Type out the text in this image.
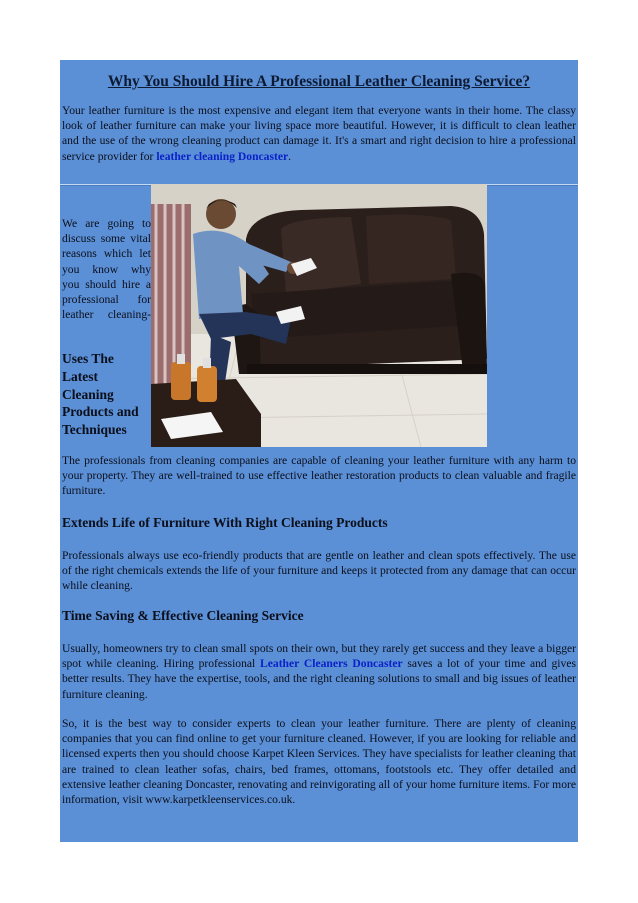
Why You Should Hire A Professional Leather Cleaning Service?

Your leather furniture is the most expensive and elegant item that everyone wants in their home. The classy look of leather furniture can make your living space more beautiful. However, it is difficult to clean leather and the use of the wrong cleaning product can damage it. It's a smart and right decision to hire a professional service provider for leather cleaning Doncaster.

We are going to discuss some vital reasons which let you know why you should hire a professional for leather cleaning-

Uses The Latest Cleaning Products and Techniques

The professionals from cleaning companies are capable of cleaning your leather furniture with any harm to your property. They are well-trained to use effective leather restoration products to clean valuable and fragile furniture.

Extends Life of Furniture With Right Cleaning Products

Professionals always use eco-friendly products that are gentle on leather and clean spots effectively. The use of the right chemicals extends the life of your furniture and keeps it protected from any damage that can occur while cleaning.

Time Saving & Effective Cleaning Service

Usually, homeowners try to clean small spots on their own, but they rarely get success and they leave a bigger spot while cleaning. Hiring professional Leather Cleaners Doncaster saves a lot of your time and gives better results. They have the expertise, tools, and the right cleaning solutions to small and big issues of leather furniture cleaning.

So, it is the best way to consider experts to clean your leather furniture. There are plenty of cleaning companies that you can find online to get your furniture cleaned. However, if you are looking for reliable and licensed experts then you should choose Karpet Kleen Services. They have specialists for leather cleaning that are trained to clean leather sofas, chairs, bed frames, ottomans, footstools etc. They offer detailed and extensive leather cleaning Doncaster, renovating and reinvigorating all of your home furniture items. For more information, visit www.karpetkleenservices.co.uk.
